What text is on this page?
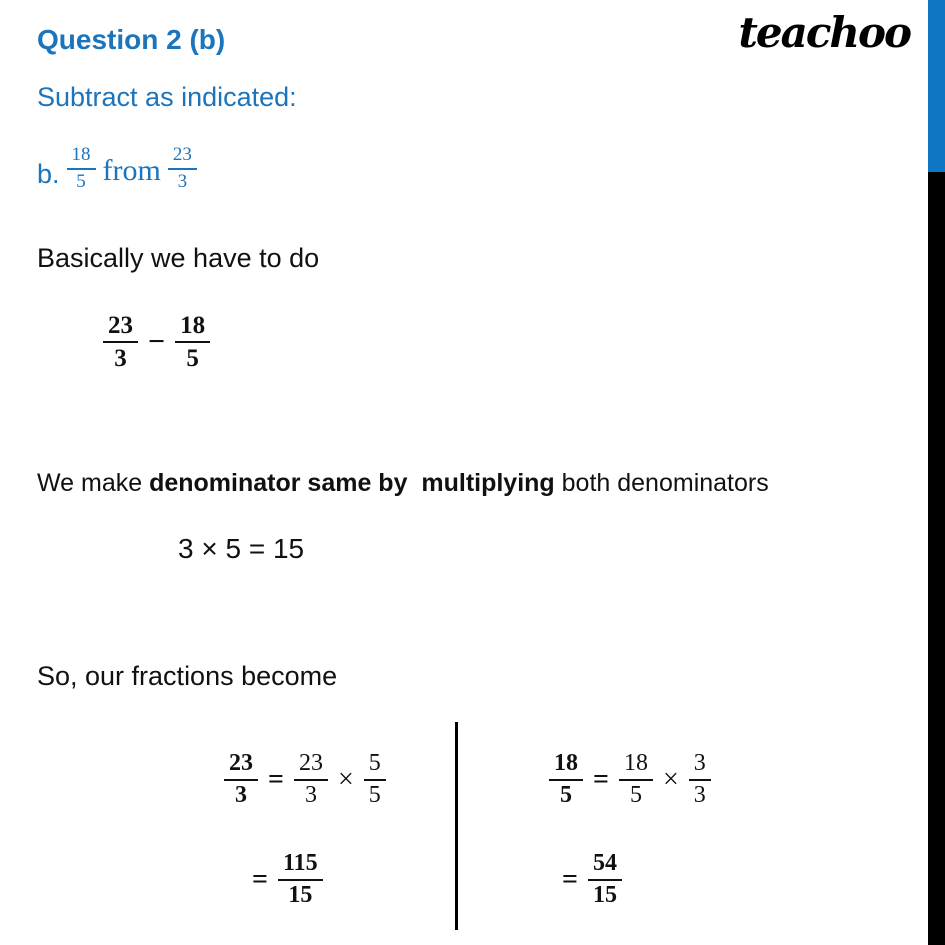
Question 2 (b)	teachoo
Subtract as indicated:
b. $\frac{18}{5}$ from $\frac{23}{3}$
Basically we have to do
$\frac{23}{3} - \frac{18}{5}$
We make denominator same by  multiplying both denominators
3 × 5 = 15
So, our fractions become
$\frac{23}{3} = \frac{23}{3} \times \frac{5}{5}$
= $\frac{115}{15}$
$\frac{18}{5} = \frac{18}{5} \times \frac{3}{3}$
= $\frac{54}{15}$
